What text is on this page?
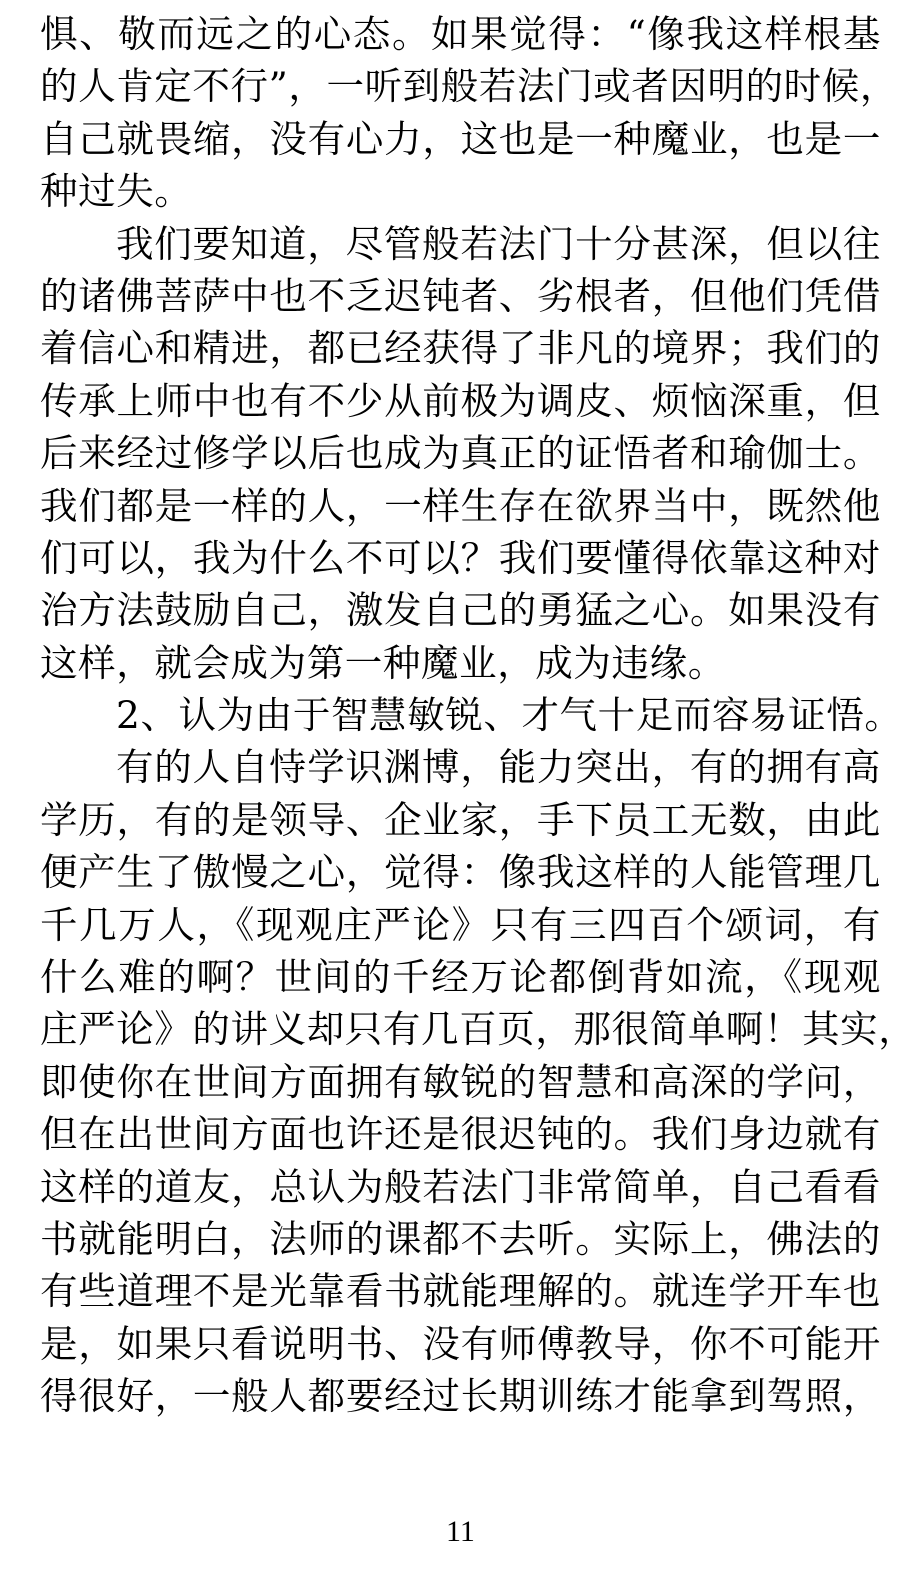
惧、敬而远之的心态。如果觉得：“像我这样根基
的人肯定不行”，一听到般若法门或者因明的时候，
自己就畏缩，没有心力，这也是一种魔业，也是一
种过失。
我们要知道，尽管般若法门十分甚深，但以往
的诸佛菩萨中也不乏迟钝者、劣根者，但他们凭借
着信心和精进，都已经获得了非凡的境界；我们的
传承上师中也有不少从前极为调皮、烦恼深重，但
后来经过修学以后也成为真正的证悟者和瑜伽士。
我们都是一样的人，一样生存在欲界当中，既然他
们可以，我为什么不可以？我们要懂得依靠这种对
治方法鼓励自己，激发自己的勇猛之心。如果没有
这样，就会成为第一种魔业，成为违缘。
2、认为由于智慧敏锐、才气十足而容易证悟。
有的人自恃学识渊博，能力突出，有的拥有高
学历，有的是领导、企业家，手下员工无数，由此
便产生了傲慢之心，觉得：像我这样的人能管理几
千几万人，《现观庄严论》只有三四百个颂词，有
什么难的啊？世间的千经万论都倒背如流，《现观
庄严论》的讲义却只有几百页，那很简单啊！其实，
即使你在世间方面拥有敏锐的智慧和高深的学问，
但在出世间方面也许还是很迟钝的。我们身边就有
这样的道友，总认为般若法门非常简单，自己看看
书就能明白，法师的课都不去听。实际上，佛法的
有些道理不是光靠看书就能理解的。就连学开车也
是，如果只看说明书、没有师傅教导，你不可能开
得很好，一般人都要经过长期训练才能拿到驾照，
11
